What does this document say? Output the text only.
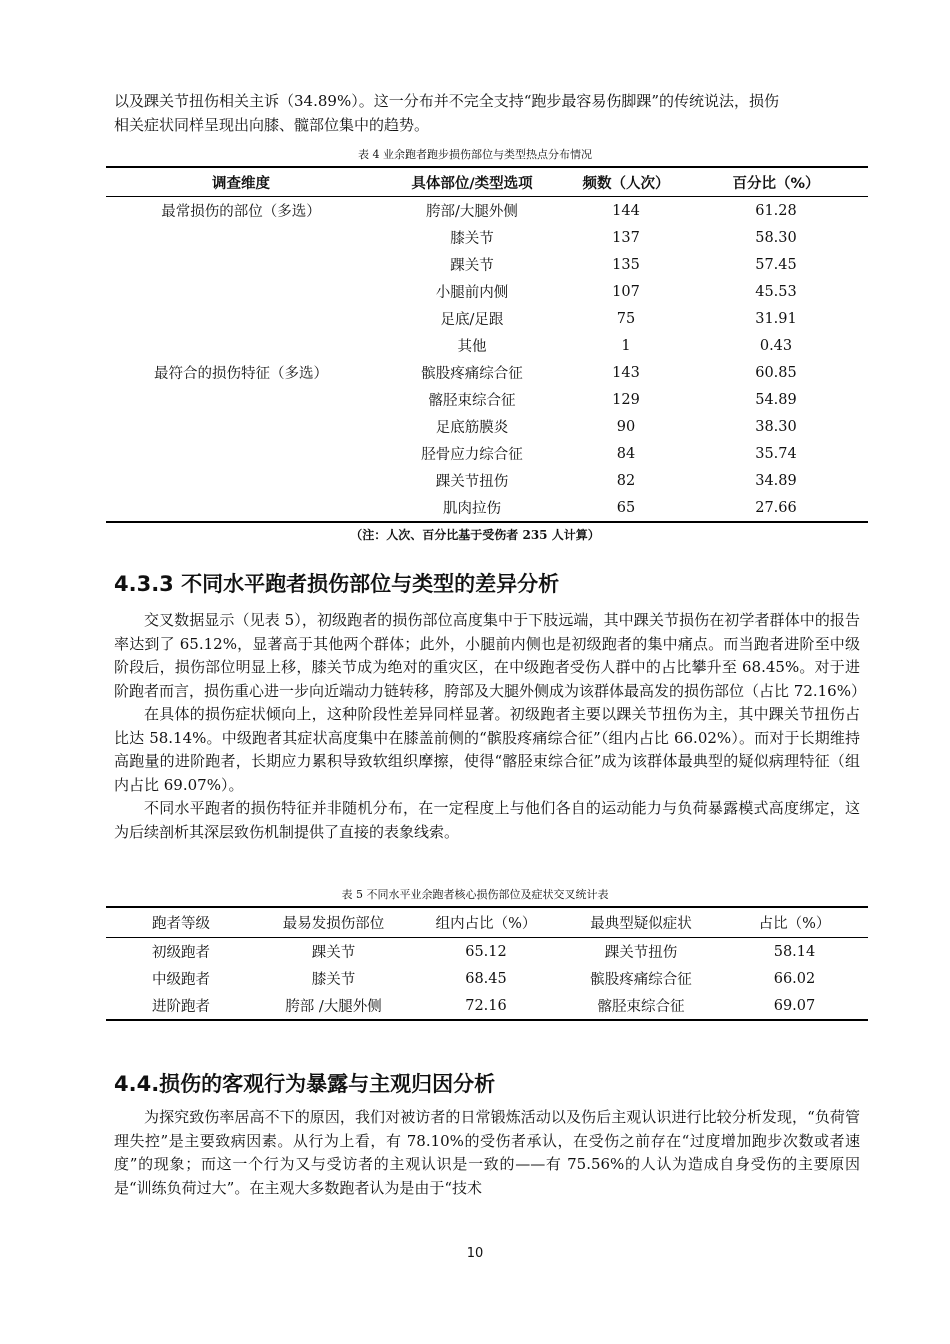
以及踝关节扭伤相关主诉（34.89%）。这一分布并不完全支持“跑步最容易伤脚踝”的传统说法，损伤

相关症状同样呈现出向膝、髋部位集中的趋势。

表 4 业余跑者跑步损伤部位与类型热点分布情况
调查维度	具体部位/类型选项	频数（人次）	百分比（%）
最常损伤的部位（多选）	胯部/大腿外侧	144	61.28
	膝关节	137	58.30
	踝关节	135	57.45
	小腿前内侧	107	45.53
	足底/足跟	75	31.91
	其他	1	0.43
最符合的损伤特征（多选）	髌股疼痛综合征	143	60.85
	髂胫束综合征	129	54.89
	足底筋膜炎	90	38.30
	胫骨应力综合征	84	35.74
	踝关节扭伤	82	34.89
	肌肉拉伤	65	27.66
（注：人次、百分比基于受伤者 235 人计算）
4.3.3 不同水平跑者损伤部位与类型的差异分析

交叉数据显示（见表 5），初级跑者的损伤部位高度集中于下肢远端，其中踝关节损伤在初学者群体中的报告率达到了 65.12%，显著高于其他两个群体；此外，小腿前内侧也是初级跑者的集中痛点。而当跑者进阶至中级阶段后，损伤部位明显上移，膝关节成为绝对的重灾区，在中级跑者受伤人群中的占比攀升至 68.45%。对于进阶跑者而言，损伤重心进一步向近端动力链转移，胯部及大腿外侧成为该群体最高发的损伤部位（占比 72.16%）

在具体的损伤症状倾向上，这种阶段性差异同样显著。初级跑者主要以踝关节扭伤为主，其中踝关节扭伤占比达 58.14%。中级跑者其症状高度集中在膝盖前侧的“髌股疼痛综合征”（组内占比 66.02%）。而对于长期维持高跑量的进阶跑者，长期应力累积导致软组织摩擦，使得“髂胫束综合征”成为该群体最典型的疑似病理特征（组内占比 69.07%）。

不同水平跑者的损伤特征并非随机分布，在一定程度上与他们各自的运动能力与负荷暴露模式高度绑定，这为后续剖析其深层致伤机制提供了直接的表象线索。

表 5 不同水平业余跑者核心损伤部位及症状交叉统计表
跑者等级	最易发损伤部位	组内占比（%）	最典型疑似症状	占比（%）
初级跑者	踝关节	65.12	踝关节扭伤	58.14
中级跑者	膝关节	68.45	髌股疼痛综合征	66.02
进阶跑者	胯部 /大腿外侧	72.16	髂胫束综合征	69.07
4.4.损伤的客观行为暴露与主观归因分析

为探究致伤率居高不下的原因，我们对被访者的日常锻炼活动以及伤后主观认识进行比较分析发现，“负荷管理失控”是主要致病因素。从行为上看，有 78.10%的受伤者承认，在受伤之前存在“过度增加跑步次数或者速度”的现象；而这一个行为又与受访者的主观认识是一致的——有 75.56%的人认为造成自身受伤的主要原因是“训练负荷过大”。在主观大多数跑者认为是由于“技术

10
